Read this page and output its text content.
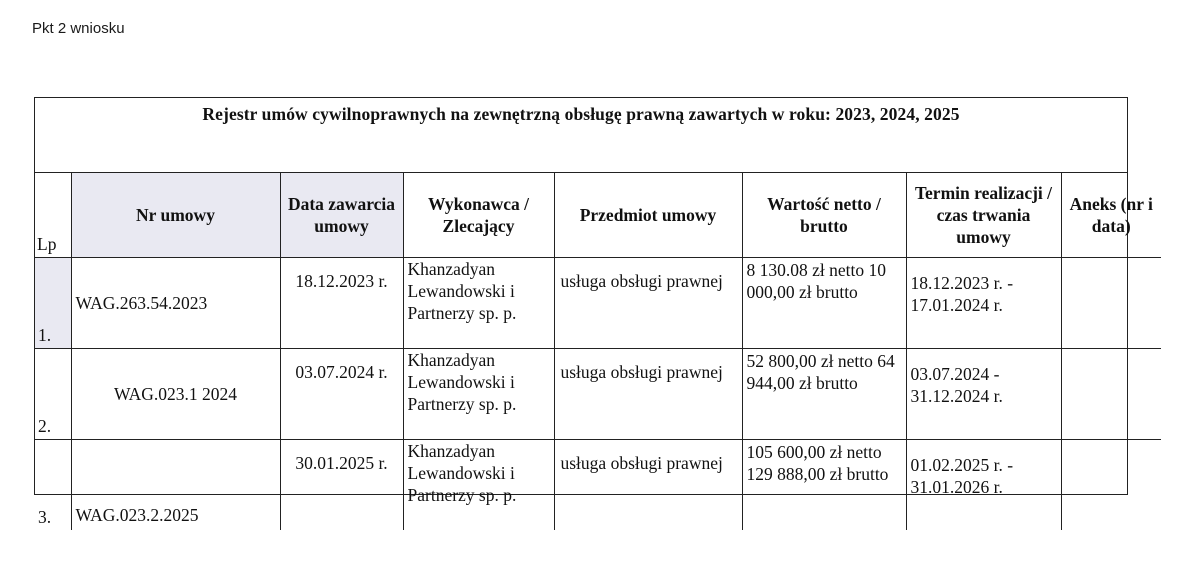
Pkt 2 wniosku
Rejestr umów cywilnoprawnych na zewnętrzną obsługę prawną zawartych w roku: 2023, 2024, 2025
Lp	Nr umowy	Data zawarcia umowy	Wykonawca / Zlecający	Przedmiot umowy	Wartość netto / brutto	Termin realizacji / czas trwania umowy	Aneks (nr i data)
1.	WAG.263.54.2023	18.12.2023 r.	Khanzadyan Lewandowski i Partnerzy sp. p.	usługa obsługi prawnej	8 130.08 zł netto 10 000,00 zł brutto	18.12.2023 r. - 17.01.2024 r.	
2.	WAG.023.1 2024	03.07.2024 r.	Khanzadyan Lewandowski i Partnerzy sp. p.	usługa obsługi prawnej	52 800,00 zł netto 64 944,00 zł brutto	03.07.2024 - 31.12.2024 r.	
3.	WAG.023.2.2025	30.01.2025 r.	Khanzadyan Lewandowski i Partnerzy sp. p.	usługa obsługi prawnej	105 600,00 zł netto 129 888,00 zł brutto	01.02.2025 r. - 31.01.2026 r.	
